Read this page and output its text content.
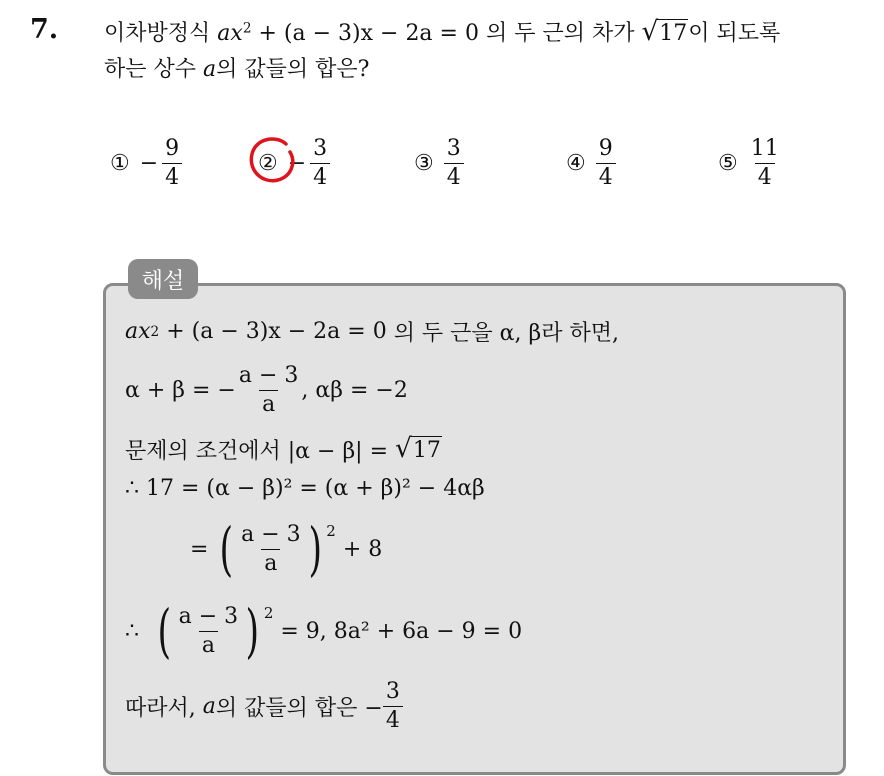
7. 이차방정식 $ax^2 + (a - 3)x - 2a = 0$ 의 두 근의 차가 √ 17 이 되도록
하는 상수 a의 값들의 합은?
① − $\frac{9}{4}$	② − $\frac{3}{4}$	③ $\frac{3}{4}$	④ $\frac{9}{4}$	⑤ $\frac{11}{4}$
해설
ax 2
+ (a − 3)x − 2a = 0
의 두 근을 α, β라 하면,
α + β = − $\frac{a - 3}{a}$ , αβ = −2
문제의 조건에서 |α − β| =
√ 17
∴ 17 = (α − β)² = (α + β)² − 4αβ
=
( $\frac{a - 3}{a}$ ) 2

+ 8
∴
( $\frac{a - 3}{a}$ ) 2

= 9, 8a² + 6a − 9 = 0
따라서,
a 의 값들의 합은 − $\frac{3}{4}$
